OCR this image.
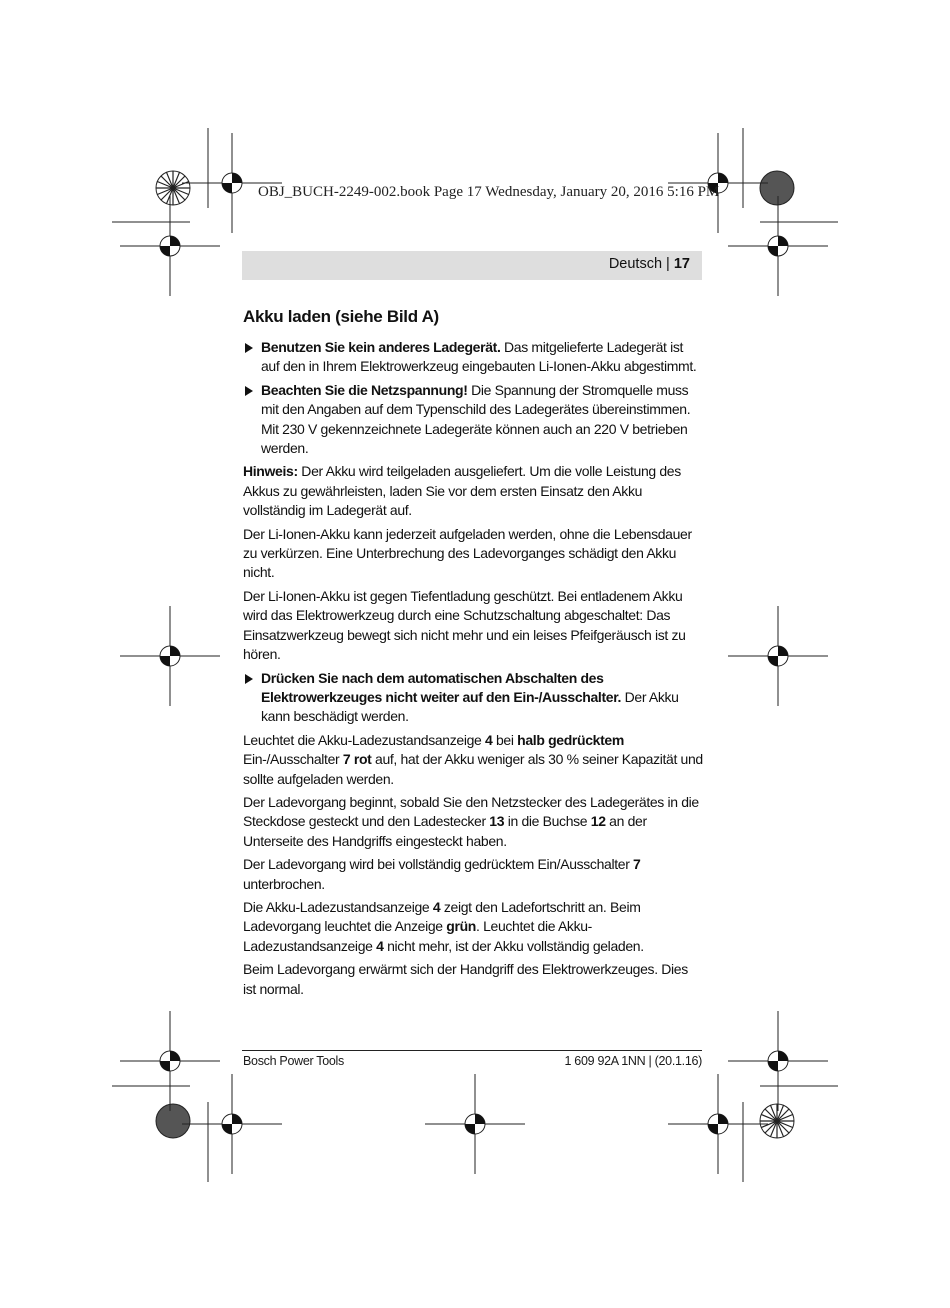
OBJ_BUCH-2249-002.book Page 17 Wednesday, January 20, 2016 5:16 PM
Deutsch | 17
Akku laden (siehe Bild A)
Benutzen Sie kein anderes Ladegerät. Das mitgelieferte Ladegerät ist auf den in Ihrem Elektrowerkzeug eingebauten Li-Ionen-Akku abgestimmt.
Beachten Sie die Netzspannung! Die Spannung der Stromquelle muss mit den Angaben auf dem Typenschild des Ladegerätes übereinstimmen. Mit 230 V gekennzeichnete Ladegeräte können auch an 220 V betrieben werden.

Hinweis: Der Akku wird teilgeladen ausgeliefert. Um die volle Leistung des Akkus zu gewährleisten, laden Sie vor dem ersten Einsatz den Akku vollständig im Ladegerät auf.

Der Li-Ionen-Akku kann jederzeit aufgeladen werden, ohne die Lebensdauer zu verkürzen. Eine Unterbrechung des Ladevorganges schädigt den Akku nicht.

Der Li-Ionen-Akku ist gegen Tiefentladung geschützt. Bei entladenem Akku wird das Elektrowerkzeug durch eine Schutzschaltung abgeschaltet: Das Einsatzwerkzeug bewegt sich nicht mehr und ein leises Pfeifgeräusch ist zu hören.

Drücken Sie nach dem automatischen Abschalten des Elektrowerkzeuges nicht weiter auf den Ein-/Ausschalter. Der Akku kann beschädigt werden.

Leuchtet die Akku-Ladezustandsanzeige 4 bei halb gedrücktem Ein-/Ausschalter 7 rot auf, hat der Akku weniger als 30 % seiner Kapazität und sollte aufgeladen werden.

Der Ladevorgang beginnt, sobald Sie den Netzstecker des Ladegerätes in die Steckdose gesteckt und den Ladestecker 13 in die Buchse 12 an der Unterseite des Handgriffs eingesteckt haben.

Der Ladevorgang wird bei vollständig gedrücktem Ein/Ausschalter 7 unterbrochen.

Die Akku-Ladezustandsanzeige 4 zeigt den Ladefortschritt an. Beim Ladevorgang leuchtet die Anzeige grün. Leuchtet die Akku-Ladezustandsanzeige 4 nicht mehr, ist der Akku vollständig geladen.

Beim Ladevorgang erwärmt sich der Handgriff des Elektrowerkzeuges. Dies ist normal.

Bosch Power Tools	1 609 92A 1NN | (20.1.16)
